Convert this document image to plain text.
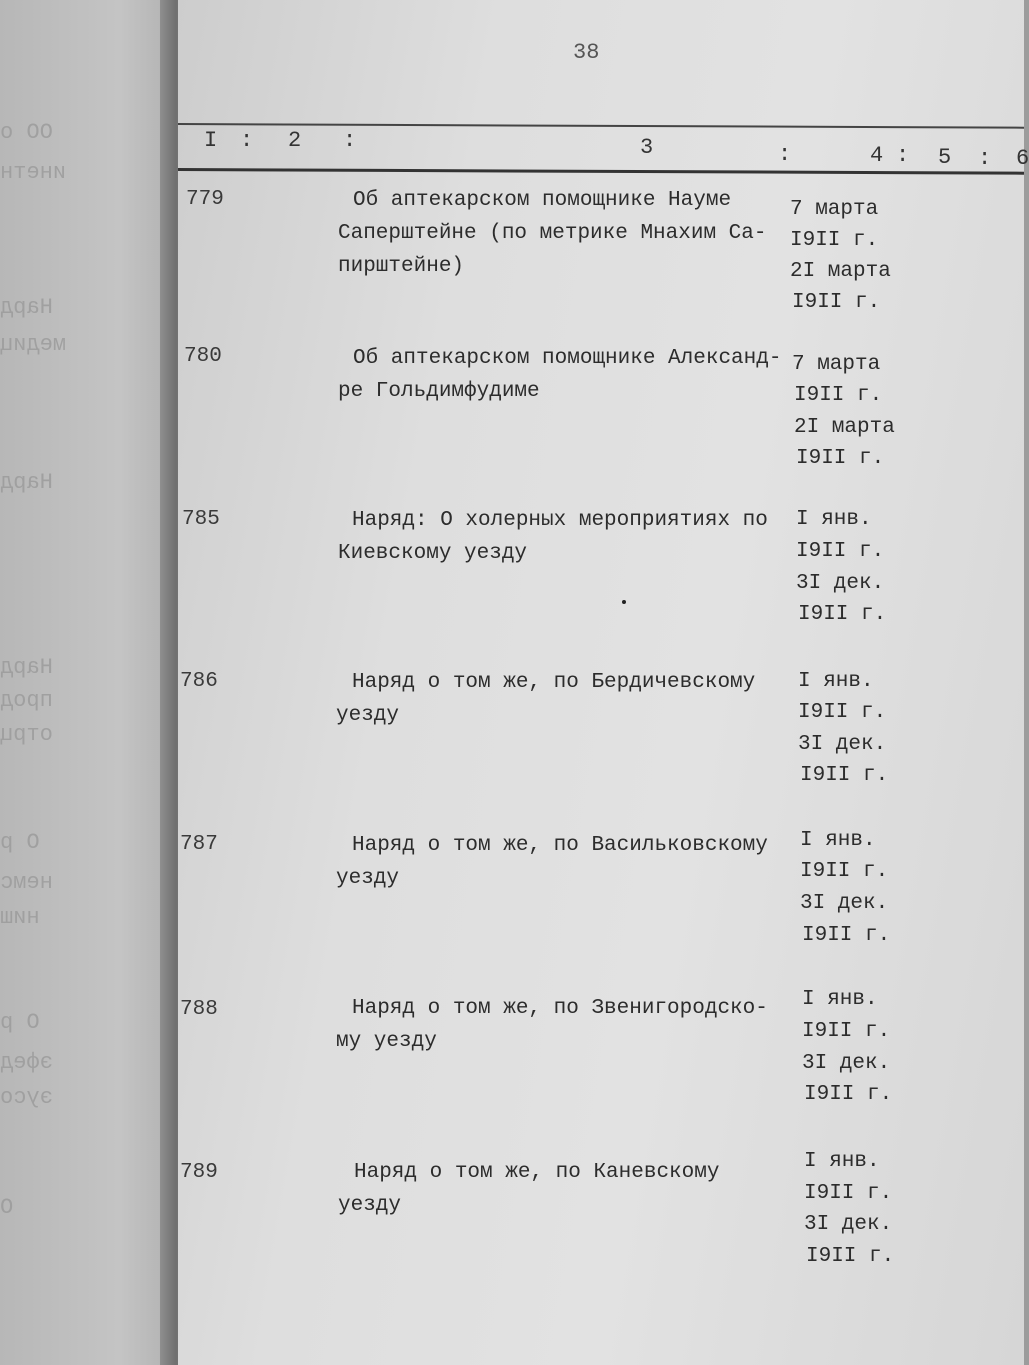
ОО о
инетн
Нард
медиц
Нард
Нард
прод
отрц
О р
немс
ниш
О р
эфед
эусо
О
38
I : 2 :	3	:	4 : 5 : 6
779	Об аптекарском помощнике Науме
Саперштейне (по метрике Мнахим Са-
пирштейне)
7 марта
I9II г.
2I марта
I9II г.
780	Об аптекарском помощнике Александ-
ре Гольдимфудиме
7 марта
I9II г.
2I марта
I9II г.
785	Наряд: О холерных мероприятиях по
Киевскому уезду
I янв.
I9II г.
3I дек.
I9II г.
786	Наряд о том же, по Бердичевскому
уезду
I янв.
I9II г.
3I дек.
I9II г.
787	Наряд о том же, по Васильковскому
уезду
I янв.
I9II г.
3I дек.
I9II г.
788	Наряд о том же, по Звенигородско-
му уезду
I янв.
I9II г.
3I дек.
I9II г.
789	Наряд о том же, по Каневскому
уезду
I янв.
I9II г.
3I дек.
I9II г.
